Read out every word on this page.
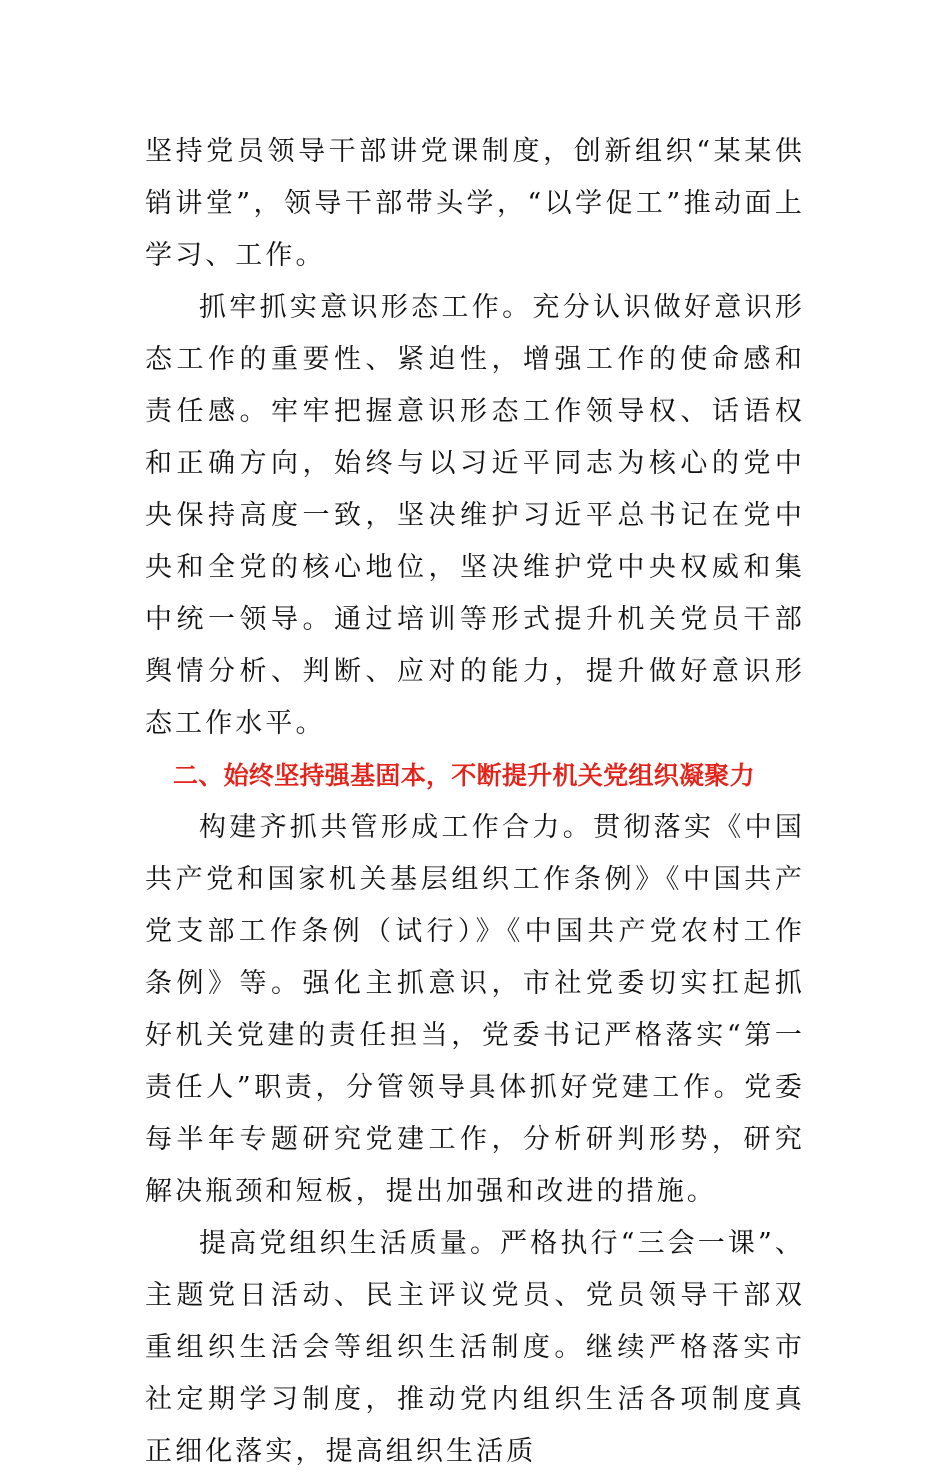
坚持党员领导干部讲党课制度，创新组织“某某供销讲堂”，领导干部带头学，“以学促工”推动面上学习、工作。

抓牢抓实意识形态工作。充分认识做好意识形态工作的重要性、紧迫性，增强工作的使命感和责任感。牢牢把握意识形态工作领导权、话语权和正确方向，始终与以习近平同志为核心的党中央保持高度一致，坚决维护习近平总书记在党中央和全党的核心地位，坚决维护党中央权威和集中统一领导。通过培训等形式提升机关党员干部舆情分析、判断、应对的能力，提升做好意识形态工作水平。

二、始终坚持强基固本，不断提升机关党组织凝聚力

构建齐抓共管形成工作合力。贯彻落实《中国共产党和国家机关基层组织工作条例》《中国共产党支部工作条例（试行）》《中国共产党农村工作条例》等。强化主抓意识，市社党委切实扛起抓好机关党建的责任担当，党委书记严格落实“第一责任人”职责，分管领导具体抓好党建工作。党委每半年专题研究党建工作，分析研判形势，研究解决瓶颈和短板，提出加强和改进的措施。

提高党组织生活质量。严格执行“三会一课”、主题党日活动、民主评议党员、党员领导干部双重组织生活会等组织生活制度。继续严格落实市社定期学习制度，推动党内组织生活各项制度真正细化落实，提高组织生活质
